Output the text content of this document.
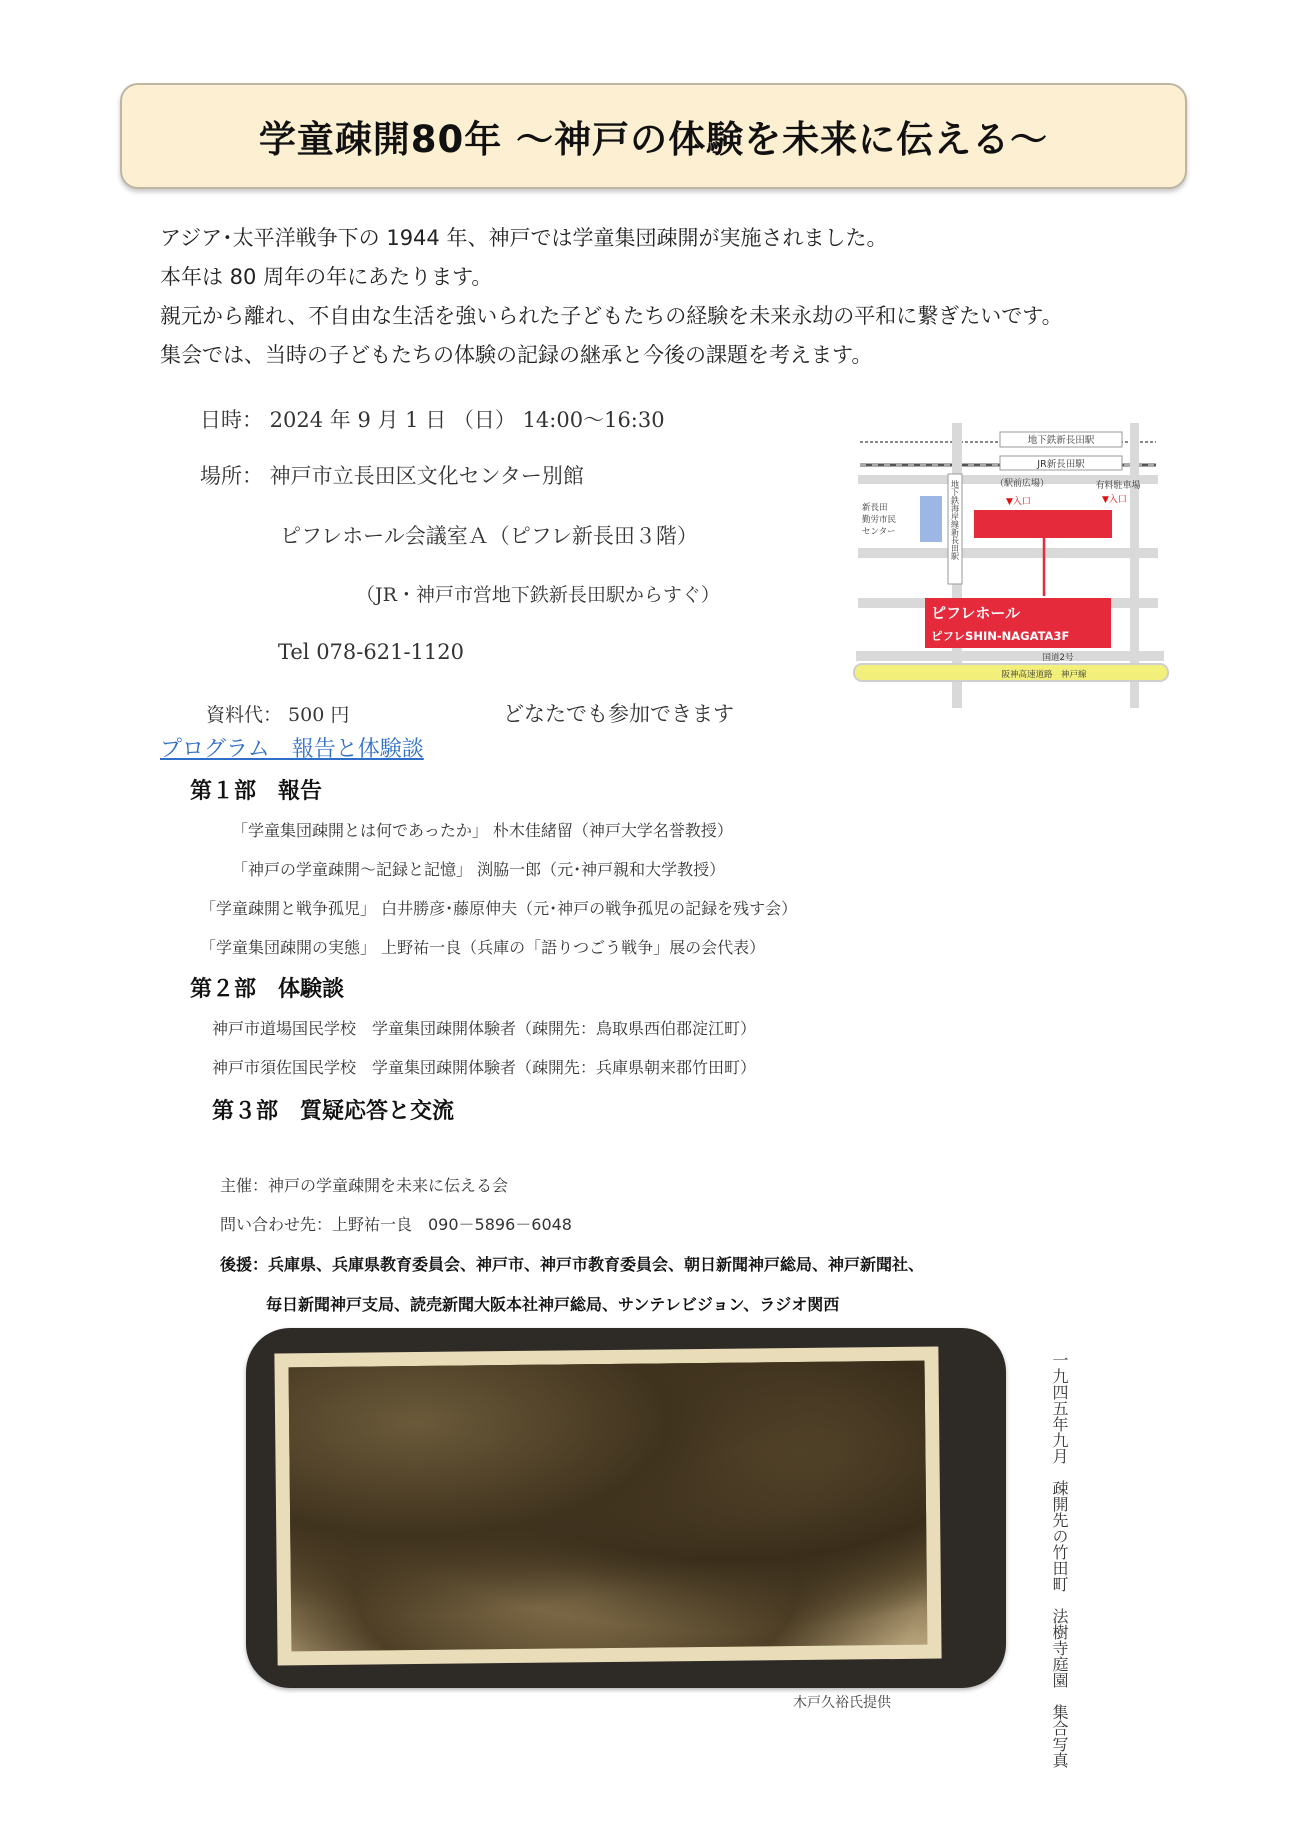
学童疎開80年 〜神戸の体験を未来に伝える〜
アジア･太平洋戦争下の 1944 年、神戸では学童集団疎開が実施されました。
本年は 80 周年の年にあたります。
親元から離れ、不自由な生活を強いられた子どもたちの経験を未来永劫の平和に繋ぎたいです。
集会では、当時の子どもたちの体験の記録の継承と今後の課題を考えます。
日時： 2024 年 9 月 1 日 （日） 14:00〜16:30
場所： 神戸市立長田区文化センター別館
ピフレホール会議室Ａ（ピフレ新長田３階）
（JR・神戸市営地下鉄新長田駅からすぐ）
Tel 078-621-1120
資料代： 500 円	どなたでも参加できます
地下鉄新長田駅
JR新長田駅
（駅前広場）	有料駐車場
▼入口	▼入口
新長田
勤労市民
センター	地下鉄海岸線新長田駅
ピフレホール
ピフレSHIN-NAGATA3F
国道2号
阪神高速道路　神戸線
プログラム　報告と体験談
第１部　報告
「学童集団疎開とは何であったか」 朴木佳緒留（神戸大学名誉教授）
「神戸の学童疎開〜記録と記憶」 渕脇一郎（元･神戸親和大学教授）
「学童疎開と戦争孤児」 白井勝彦･藤原伸夫（元･神戸の戦争孤児の記録を残す会）
「学童集団疎開の実態」 上野祐一良（兵庫の「語りつごう戦争」展の会代表）
第２部　体験談
神戸市道場国民学校　学童集団疎開体験者（疎開先：鳥取県西伯郡淀江町）
神戸市須佐国民学校　学童集団疎開体験者（疎開先：兵庫県朝来郡竹田町）
第３部　質疑応答と交流
主催：神戸の学童疎開を未来に伝える会
問い合わせ先：上野祐一良　090－5896－6048
後援：兵庫県、兵庫県教育委員会、神戸市、神戸市教育委員会、朝日新聞神戸総局、神戸新聞社、
毎日新聞神戸支局、読売新聞大阪本社神戸総局、サンテレビジョン、ラジオ関西
一九四五年九月　疎開先の竹田町　法樹寺庭園　集合写真
木戸久裕氏提供
